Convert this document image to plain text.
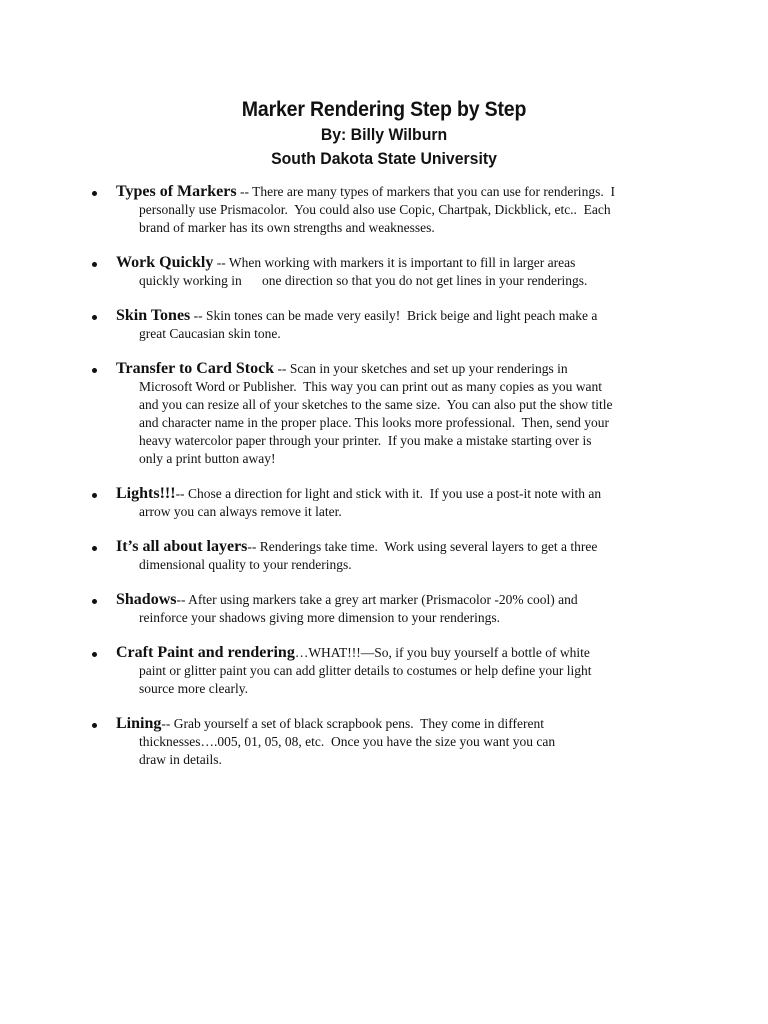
Marker Rendering Step by Step
By: Billy Wilburn
South Dakota State University
Types of Markers -- There are many types of markers that you can use for renderings.  I
personally use Prismacolor.  You could also use Copic, Chartpak, Dickblick, etc..  Each
brand of marker has its own strengths and weaknesses.
Work Quickly -- When working with markers it is important to fill in larger areas
quickly working in      one direction so that you do not get lines in your renderings.
Skin Tones -- Skin tones can be made very easily!  Brick beige and light peach make a
great Caucasian skin tone.
Transfer to Card Stock -- Scan in your sketches and set up your renderings in
Microsoft Word or Publisher.  This way you can print out as many copies as you want
and you can resize all of your sketches to the same size.  You can also put the show title
and character name in the proper place. This looks more professional.  Then, send your
heavy watercolor paper through your printer.  If you make a mistake starting over is
only a print button away!
Lights!!!-- Chose a direction for light and stick with it.  If you use a post-it note with an
arrow you can always remove it later.
It’s all about layers-- Renderings take time.  Work using several layers to get a three
dimensional quality to your renderings.
Shadows-- After using markers take a grey art marker (Prismacolor -20% cool) and
reinforce your shadows giving more dimension to your renderings.
Craft Paint and rendering…WHAT!!!—So, if you buy yourself a bottle of white
paint or glitter paint you can add glitter details to costumes or help define your light
source more clearly.
Lining-- Grab yourself a set of black scrapbook pens.  They come in different
thicknesses….005, 01, 05, 08, etc.  Once you have the size you want you can
draw in details.
